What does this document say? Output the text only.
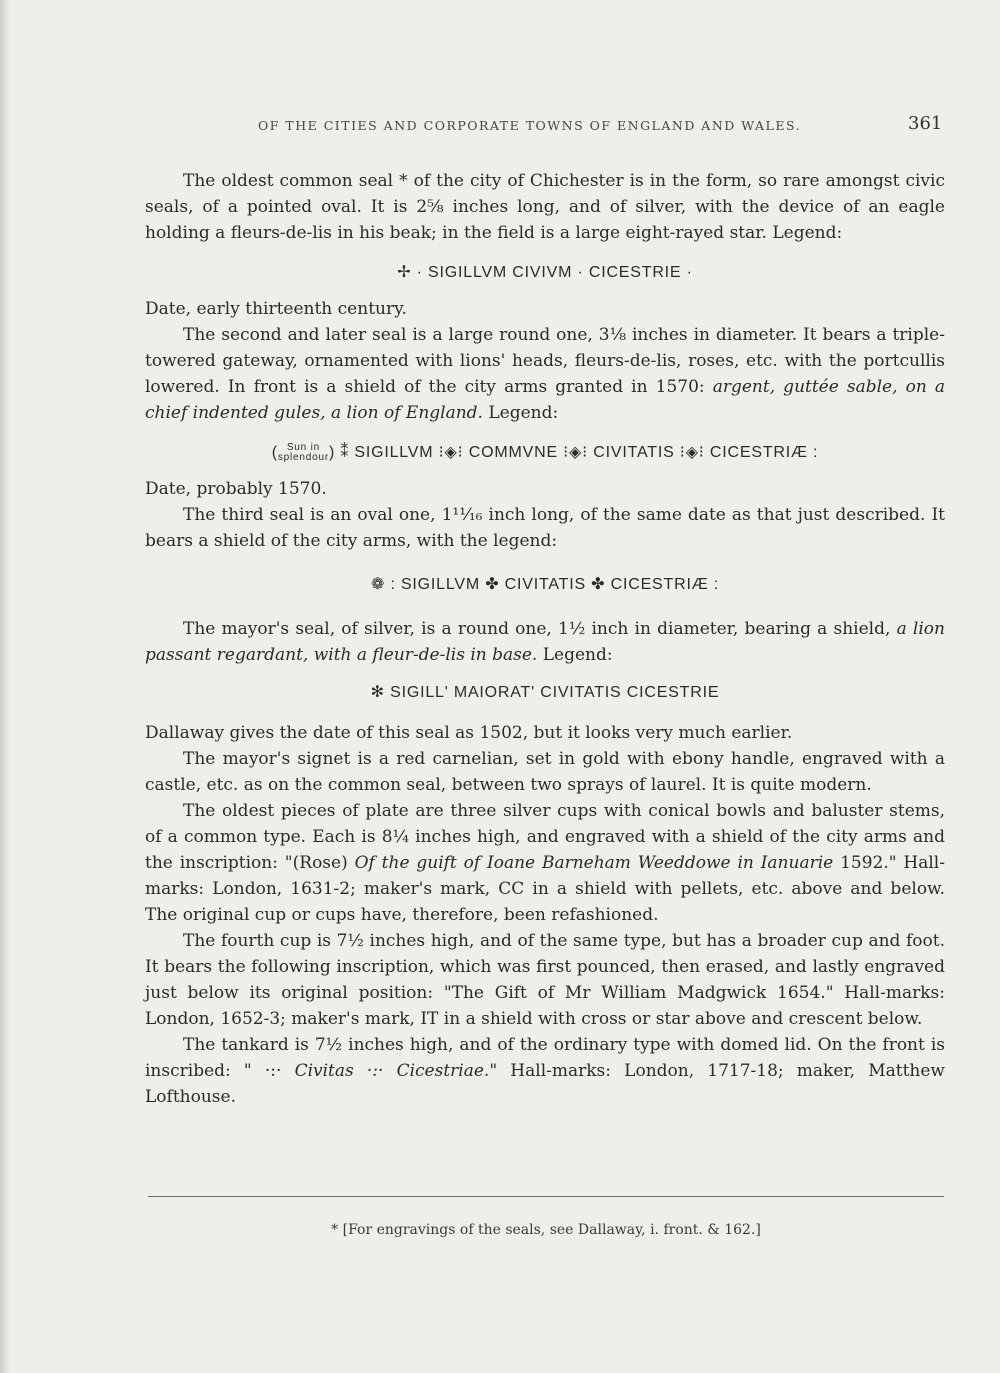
OF THE CITIES AND CORPORATE TOWNS OF ENGLAND AND WALES.	361

The oldest common seal * of the city of Chichester is in the form, so rare amongst civic seals, of a pointed oval. It is 2⅝ inches long, and of silver, with the device of an eagle holding a fleurs-de-lis in his beak; in the field is a large eight-rayed star. Legend:

✢ · SIGILLVM CIVIVM · CICESTRIE ·

Date, early thirteenth century.

The second and later seal is a large round one, 3⅛ inches in diameter. It bears a triple-towered gateway, ornamented with lions' heads, fleurs-de-lis, roses, etc. with the portcullis lowered. In front is a shield of the city arms granted in 1570: argent, guttée sable, on a chief indented gules, a lion of England. Legend:

( Sun in
splendour) ⁑ SIGILLVM ⁝◈⁝ COMMVNE ⁝◈⁝ CIVITATIS ⁝◈⁝ CICESTRIÆ :

Date, probably 1570.

The third seal is an oval one, 1¹¹⁄₁₆ inch long, of the same date as that just described. It bears a shield of the city arms, with the legend:

❁ : SIGILLVM ✤ CIVITATIS ✤ CICESTRIÆ :

The mayor's seal, of silver, is a round one, 1½ inch in diameter, bearing a shield, a lion passant regardant, with a fleur-de-lis in base. Legend:

✻ SIGILL' MAIORAT' CIVITATIS CICESTRIE

Dallaway gives the date of this seal as 1502, but it looks very much earlier.

The mayor's signet is a red carnelian, set in gold with ebony handle, engraved with a castle, etc. as on the common seal, between two sprays of laurel. It is quite modern.

The oldest pieces of plate are three silver cups with conical bowls and baluster stems, of a common type. Each is 8¼ inches high, and engraved with a shield of the city arms and the inscription: "(Rose) Of the guift of Ioane Barneham Weeddowe in Ianuarie 1592." Hall-marks: London, 1631-2; maker's mark, CC in a shield with pellets, etc. above and below. The original cup or cups have, therefore, been refashioned.

The fourth cup is 7½ inches high, and of the same type, but has a broader cup and foot. It bears the following inscription, which was first pounced, then erased, and lastly engraved just below its original position: "The Gift of Mr William Madgwick 1654." Hall-marks: London, 1652-3; maker's mark, IT in a shield with cross or star above and crescent below.

The tankard is 7½ inches high, and of the ordinary type with domed lid. On the front is inscribed: " ·:· Civitas ·:· Cicestriae." Hall-marks: London, 1717-18; maker, Matthew Lofthouse.

* [For engravings of the seals, see Dallaway, i. front. & 162.]
